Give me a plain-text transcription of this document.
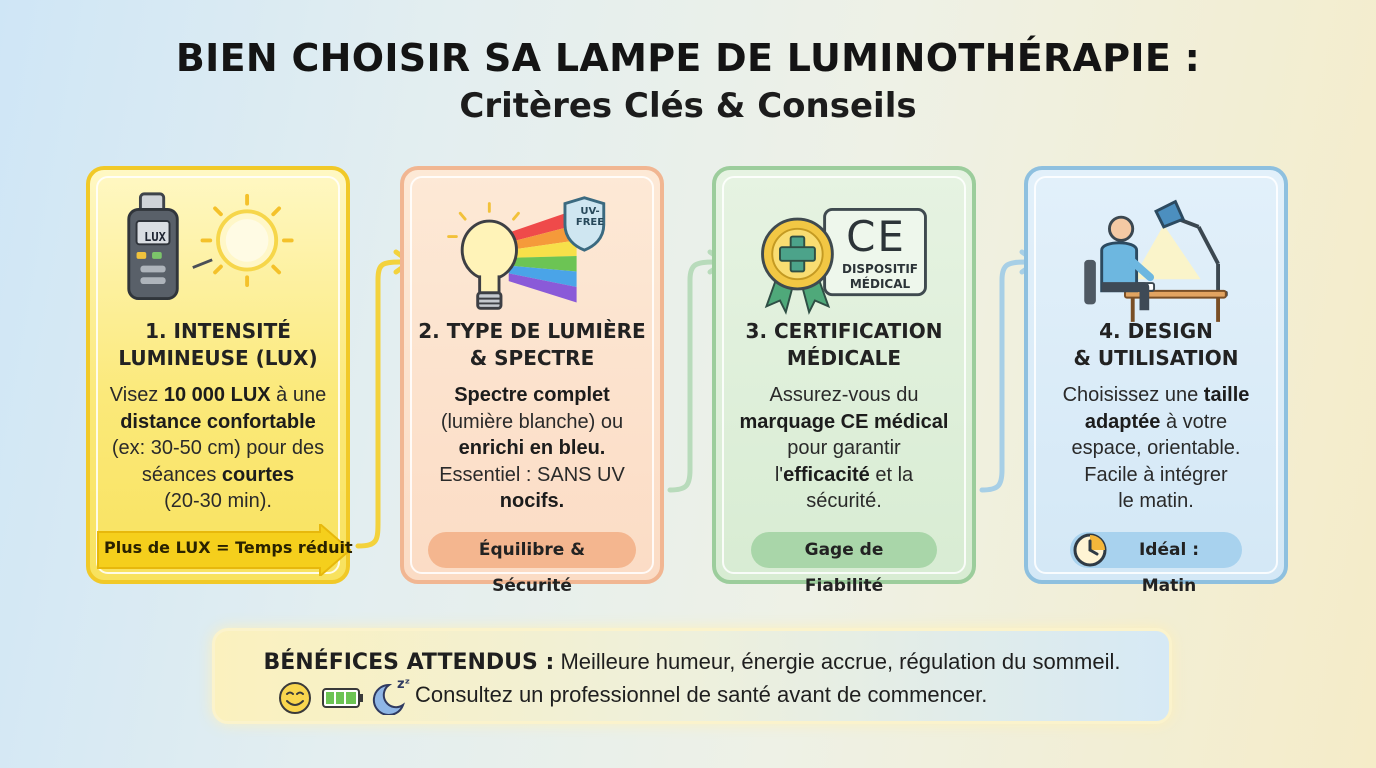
BIEN CHOISIR SA LAMPE DE LUMINOTHÉRAPIE :
Critères Clés & Conseils
LUX
1. INTENSITÉ
LUMINEUSE (LUX)
Visez 10 000 LUX à une
distance confortable
(ex: 30-50 cm) pour des
séances courtes
(20-30 min).
Plus de LUX = Temps réduit
UV-
FREE
2. TYPE DE LUMIÈRE
& SPECTRE
Spectre complet
(lumière blanche) ou
enrichi en bleu.
Essentiel : SANS UV
nocifs.
Équilibre & Sécurité
CE
DISPOSITIF
MÉDICAL
3. CERTIFICATION
MÉDICALE
Assurez-vous du
marquage CE médical
pour garantir
l'efficacité et la
sécurité.
Gage de Fiabilité
4. DESIGN
& UTILISATION
Choisissez une taille
adaptée à votre
espace, orientable.
Facile à intégrer
le matin.
Idéal : Matin
BÉNÉFICES ATTENDUS : Meilleure humeur, énergie accrue, régulation du sommeil.
zᶻ Consultez un professionnel de santé avant de commencer.
